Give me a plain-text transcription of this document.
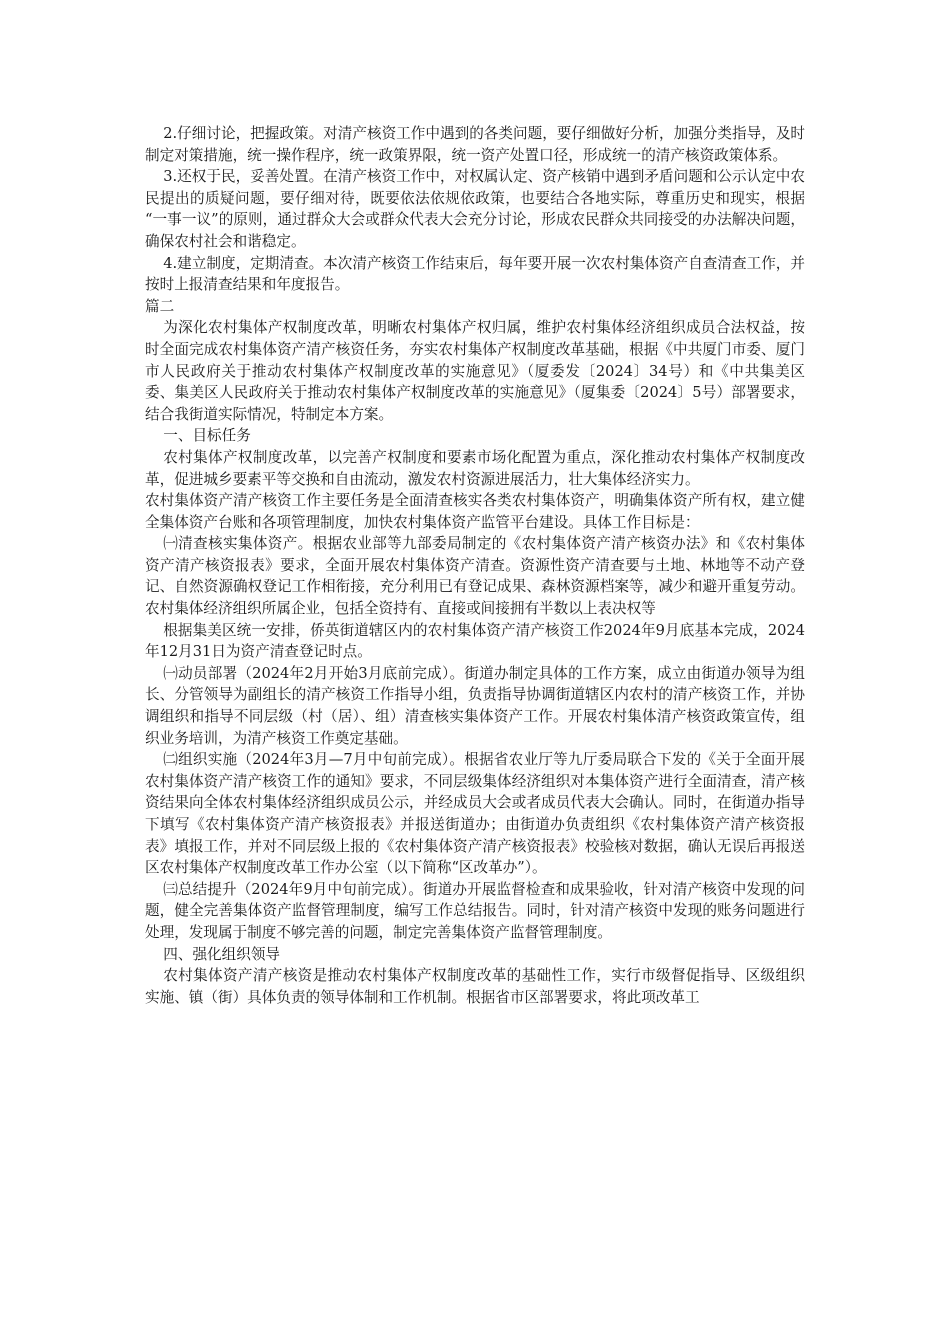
2.仔细讨论，把握政策。对清产核资工作中遇到的各类问题，要仔细做好分析，加强分类指导，及时制定对策措施，统一操作程序，统一政策界限，统一资产处置口径，形成统一的清产核资政策体系。

3.还权于民，妥善处置。在清产核资工作中，对权属认定、资产核销中遇到矛盾问题和公示认定中农民提出的质疑问题，要仔细对待，既要依法依规依政策，也要结合各地实际，尊重历史和现实，根据 “一事一议”的原则，通过群众大会或群众代表大会充分讨论，形成农民群众共同接受的办法解决问题，确保农村社会和谐稳定。

4.建立制度，定期清查。本次清产核资工作结束后，每年要开展一次农村集体资产自查清查工作，并按时上报清查结果和年度报告。

篇二

为深化农村集体产权制度改革，明晰农村集体产权归属，维护农村集体经济组织成员合法权益，按时全面完成农村集体资产清产核资任务，夯实农村集体产权制度改革基础，根据《中共厦门市委、厦门市人民政府关于推动农村集体产权制度改革的实施意见》（厦委发〔2024〕34号）和《中共集美区委、集美区人民政府关于推动农村集体产权制度改革的实施意见》（厦集委〔2024〕5号）部署要求，结合我街道实际情况，特制定本方案。

一、目标任务

农村集体产权制度改革，以完善产权制度和要素市场化配置为重点，深化推动农村集体产权制度改革，促进城乡要素平等交换和自由流动，激发农村资源进展活力，壮大集体经济实力。

农村集体资产清产核资工作主要任务是全面清查核实各类农村集体资产，明确集体资产所有权，建立健全集体资产台账和各项管理制度，加快农村集体资产监管平台建设。具体工作目标是：

㈠清查核实集体资产。根据农业部等九部委局制定的《农村集体资产清产核资办法》和《农村集体资产清产核资报表》要求，全面开展农村集体资产清查。资源性资产清查要与土地、林地等不动产登记、自然资源确权登记工作相衔接，充分利用已有登记成果、森林资源档案等，减少和避开重复劳动。农村集体经济组织所属企业，包括全资持有、直接或间接拥有半数以上表决权等

根据集美区统一安排，侨英街道辖区内的农村集体资产清产核资工作2024年9月底基本完成，2024年12月31日为资产清查登记时点。

㈠动员部署（2024年2月开始3月底前完成）。街道办制定具体的工作方案，成立由街道办领导为组长、分管领导为副组长的清产核资工作指导小组，负责指导协调街道辖区内农村的清产核资工作，并协调组织和指导不同层级（村（居）、组）清查核实集体资产工作。开展农村集体清产核资政策宣传，组织业务培训，为清产核资工作奠定基础。

㈡组织实施（2024年3月—7月中旬前完成）。根据省农业厅等九厅委局联合下发的《关于全面开展农村集体资产清产核资工作的通知》要求，不同层级集体经济组织对本集体资产进行全面清查，清产核资结果向全体农村集体经济组织成员公示，并经成员大会或者成员代表大会确认。同时，在街道办指导下填写《农村集体资产清产核资报表》并报送街道办；由街道办负责组织《农村集体资产清产核资报表》填报工作，并对不同层级上报的《农村集体资产清产核资报表》校验核对数据，确认无误后再报送区农村集体产权制度改革工作办公室（以下简称“区改革办”）。

㈢总结提升（2024年9月中旬前完成）。街道办开展监督检查和成果验收，针对清产核资中发现的问题，健全完善集体资产监督管理制度，编写工作总结报告。同时，针对清产核资中发现的账务问题进行处理，发现属于制度不够完善的问题，制定完善集体资产监督管理制度。

四、强化组织领导

农村集体资产清产核资是推动农村集体产权制度改革的基础性工作，实行市级督促指导、区级组织实施、镇（街）具体负责的领导体制和工作机制。根据省市区部署要求，将此项改革工
